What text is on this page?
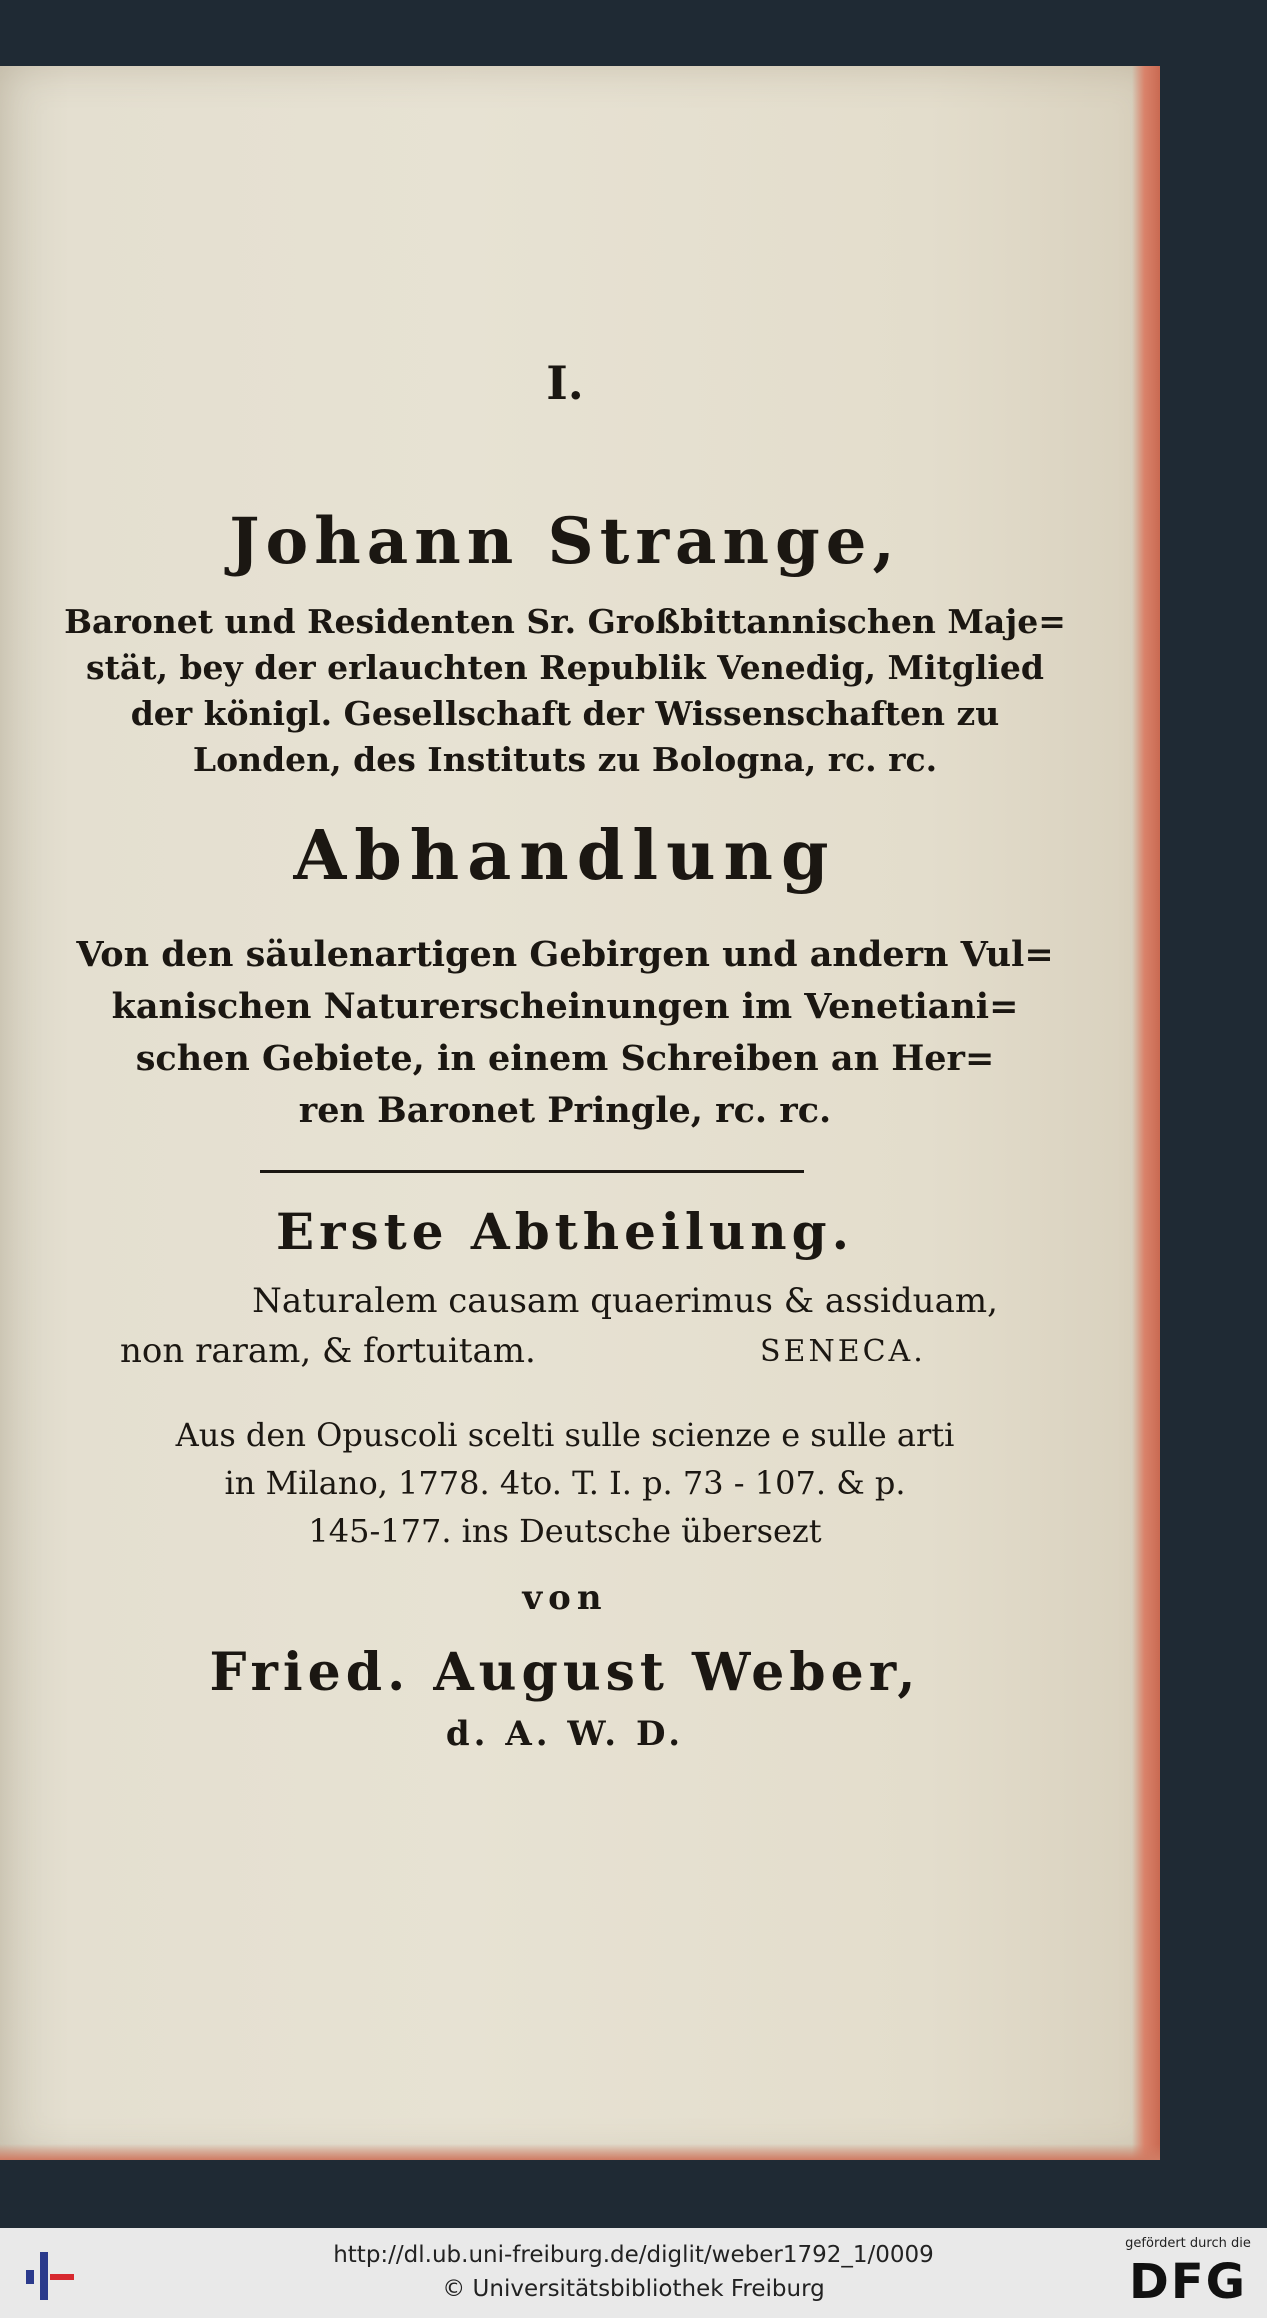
I.
Johann Strange,
Baronet und Residenten Sr. Großbittannischen Maje=
stät, bey der erlauchten Republik Venedig, Mitglied
der königl. Gesellschaft der Wissenschaften zu
Londen, des Instituts zu Bologna, rc. rc.
Abhandlung
Von den säulenartigen Gebirgen und andern Vul=
kanischen Naturerscheinungen im Venetiani=
schen Gebiete, in einem Schreiben an Her=
ren Baronet Pringle, rc. rc.
Erste Abtheilung.
Naturalem causam quaerimus & assiduam,
non raram, & fortuitam.	SENECA.
Aus den Opuscoli scelti sulle scienze e sulle arti
in Milano, 1778. 4to. T. I. p. 73 - 107. & p.
145-177. ins Deutsche übersezt
von
Fried. August Weber,
d. A. W. D.
http://dl.ub.uni-freiburg.de/diglit/weber1792_1/0009
© Universitätsbibliothek Freiburg
gefördert durch die
DFG
